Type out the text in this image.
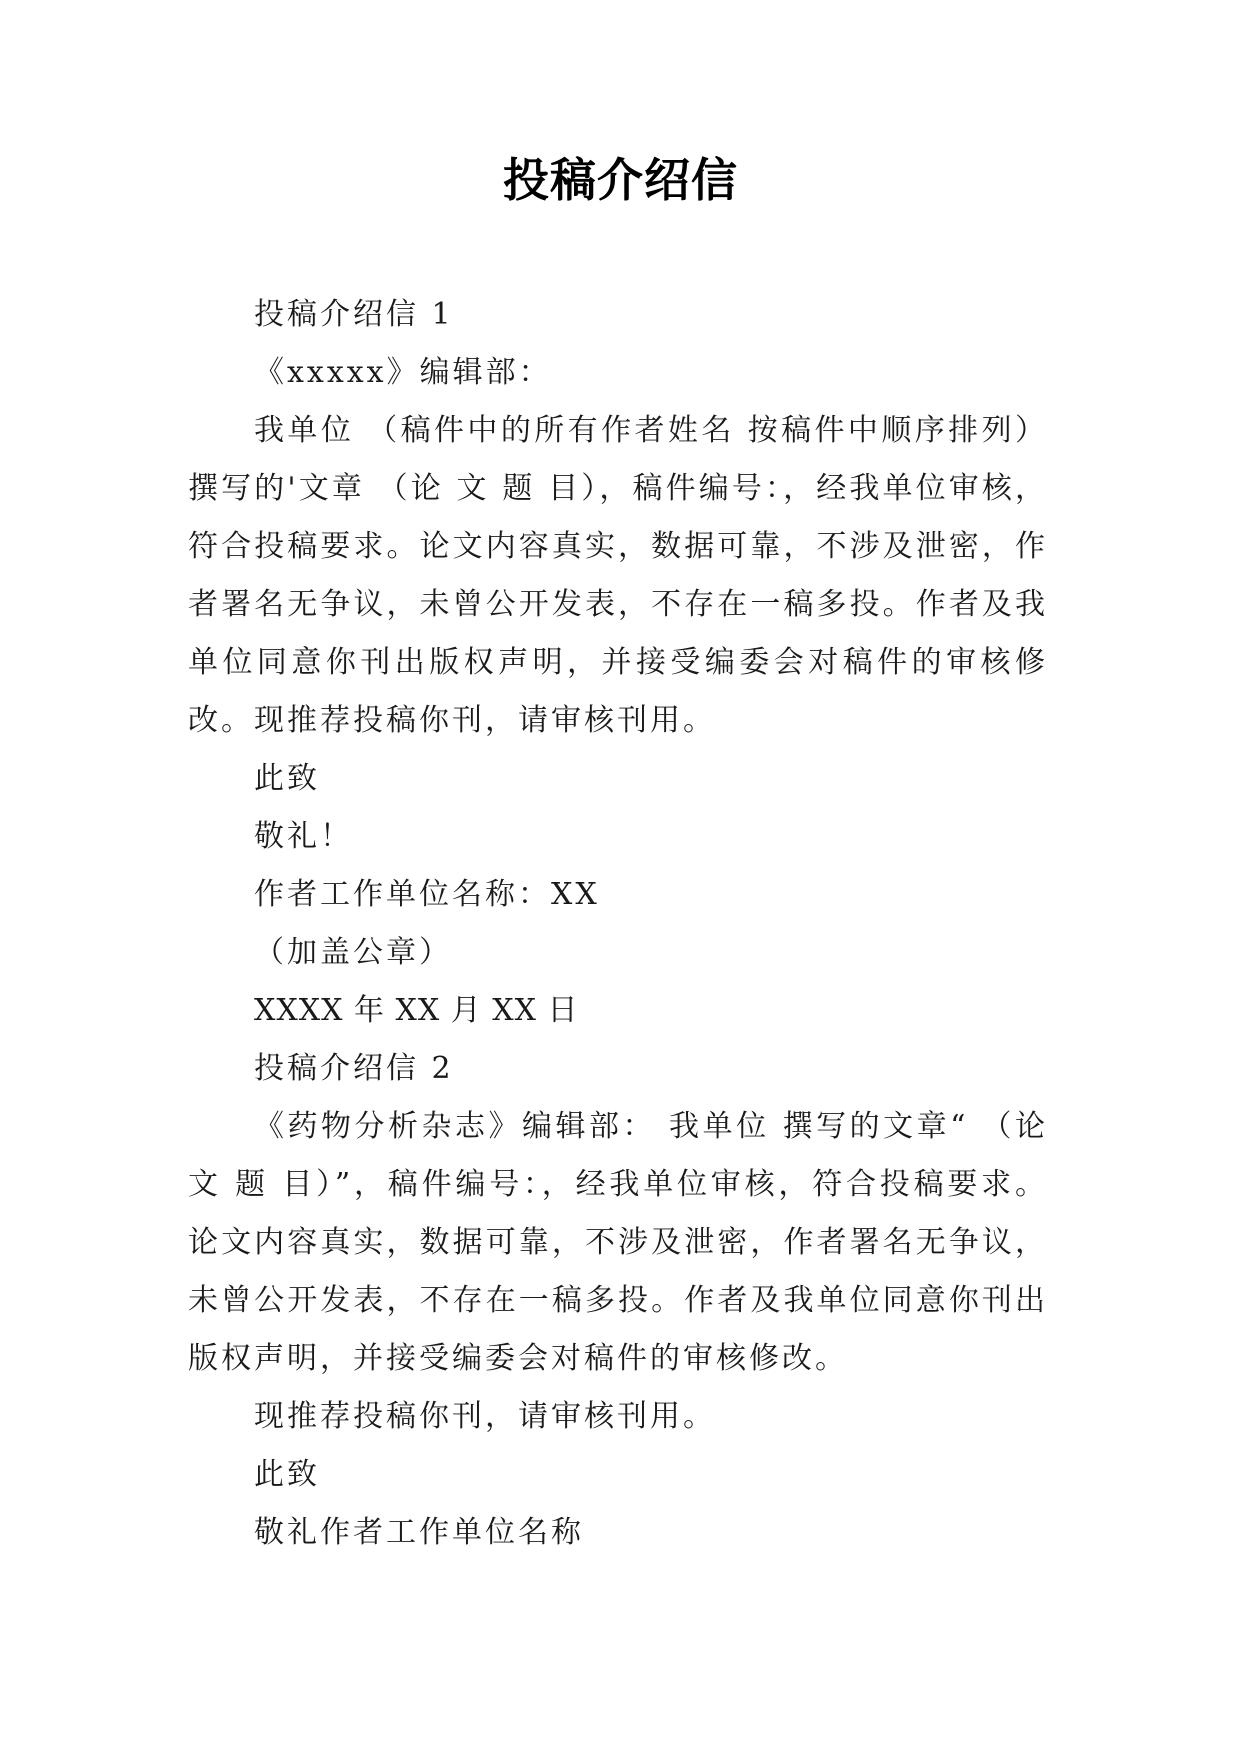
投稿介绍信

投稿介绍信 1

《xxxxx》编辑部：

我单位 （稿件中的所有作者姓名 按稿件中顺序排列）撰写的'文章 （论 文 题 目），稿件编号：，经我单位审核，符合投稿要求。论文内容真实，数据可靠，不涉及泄密，作者署名无争议，未曾公开发表，不存在一稿多投。作者及我单位同意你刊出版权声明，并接受编委会对稿件的审核修改。现推荐投稿你刊，请审核刊用。

此致

敬礼！

作者工作单位名称：XX

（加盖公章）

XXXX 年 XX 月 XX 日

投稿介绍信 2

《药物分析杂志》编辑部： 我单位 撰写的文章“ （论 文 题 目）”，稿件编号：，经我单位审核，符合投稿要求。论文内容真实，数据可靠，不涉及泄密，作者署名无争议，未曾公开发表，不存在一稿多投。作者及我单位同意你刊出版权声明，并接受编委会对稿件的审核修改。

现推荐投稿你刊，请审核刊用。

此致

敬礼作者工作单位名称
